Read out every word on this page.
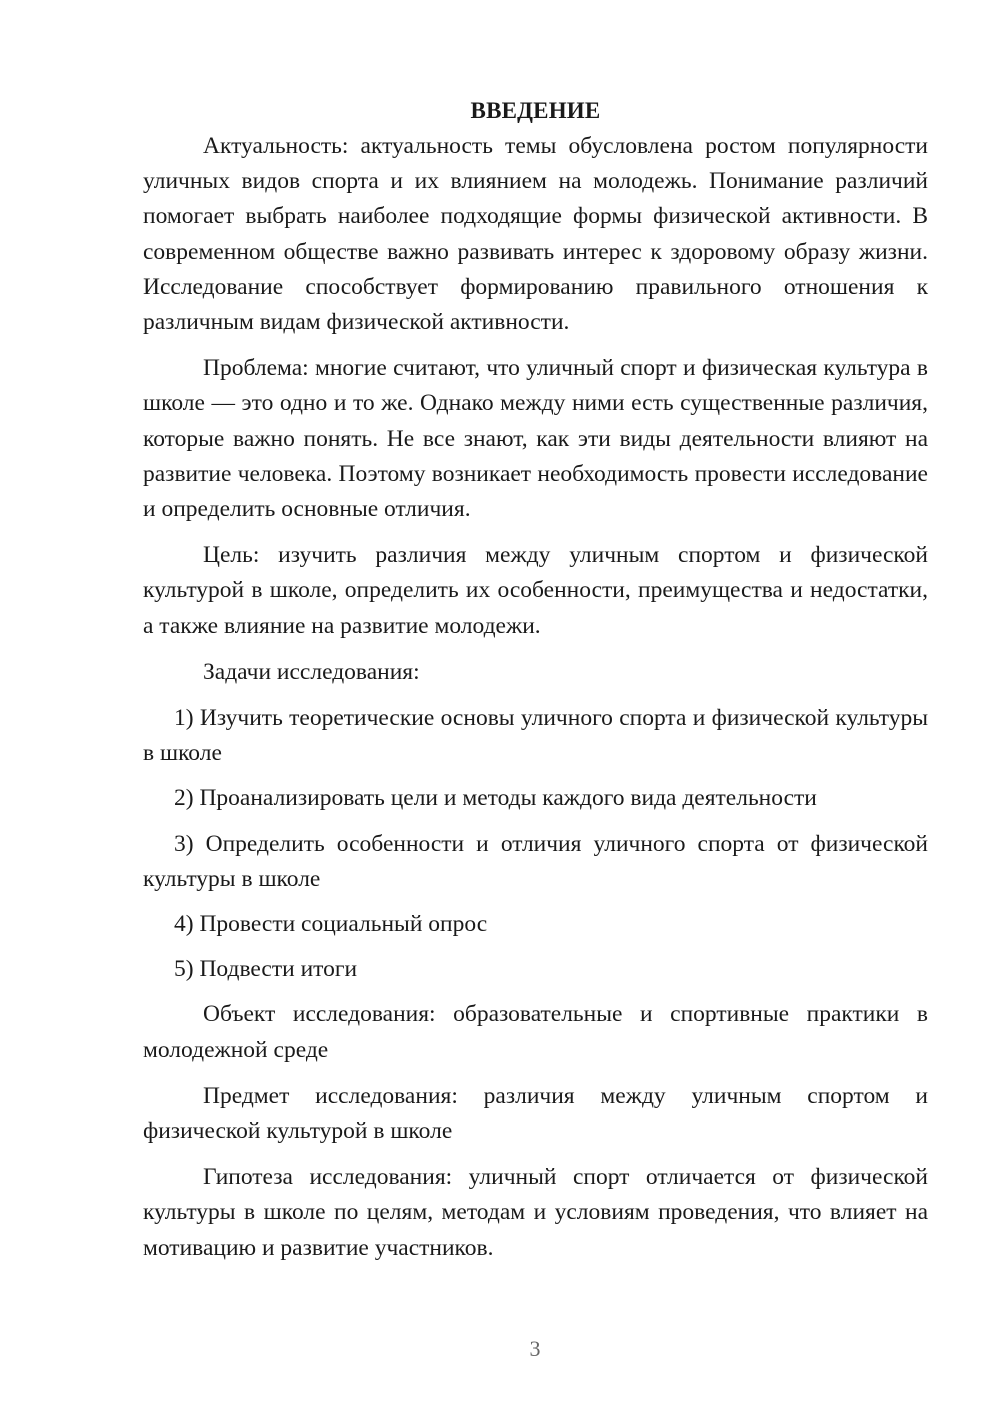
ВВЕДЕНИЕ

Актуальность: актуальность темы обусловлена ростом популярности уличных видов спорта и их влиянием на молодежь. Понимание различий помогает выбрать наиболее подходящие формы физической активности. В современном обществе важно развивать интерес к здоровому образу жизни. Исследование способствует формированию правильного отношения к различным видам физической активности.

Проблема: многие считают, что уличный спорт и физическая культура в школе — это одно и то же. Однако между ними есть существенные различия, которые важно понять. Не все знают, как эти виды деятельности влияют на развитие человека. Поэтому возникает необходимость провести исследование и определить основные отличия.

Цель: изучить различия между уличным спортом и физической культурой в школе, определить их особенности, преимущества и недостатки, а также влияние на развитие молодежи.

Задачи исследования:

1) Изучить теоретические основы уличного спорта и физической культуры в школе

2) Проанализировать цели и методы каждого вида деятельности

3) Определить особенности и отличия уличного спорта от физической культуры в школе

4) Провести социальный опрос

5) Подвести итоги

Объект исследования: образовательные и спортивные практики в молодежной среде

Предмет исследования: различия между уличным спортом и физической культурой в школе

Гипотеза исследования: уличный спорт отличается от физической культуры в школе по целям, методам и условиям проведения, что влияет на мотивацию и развитие участников.

3
